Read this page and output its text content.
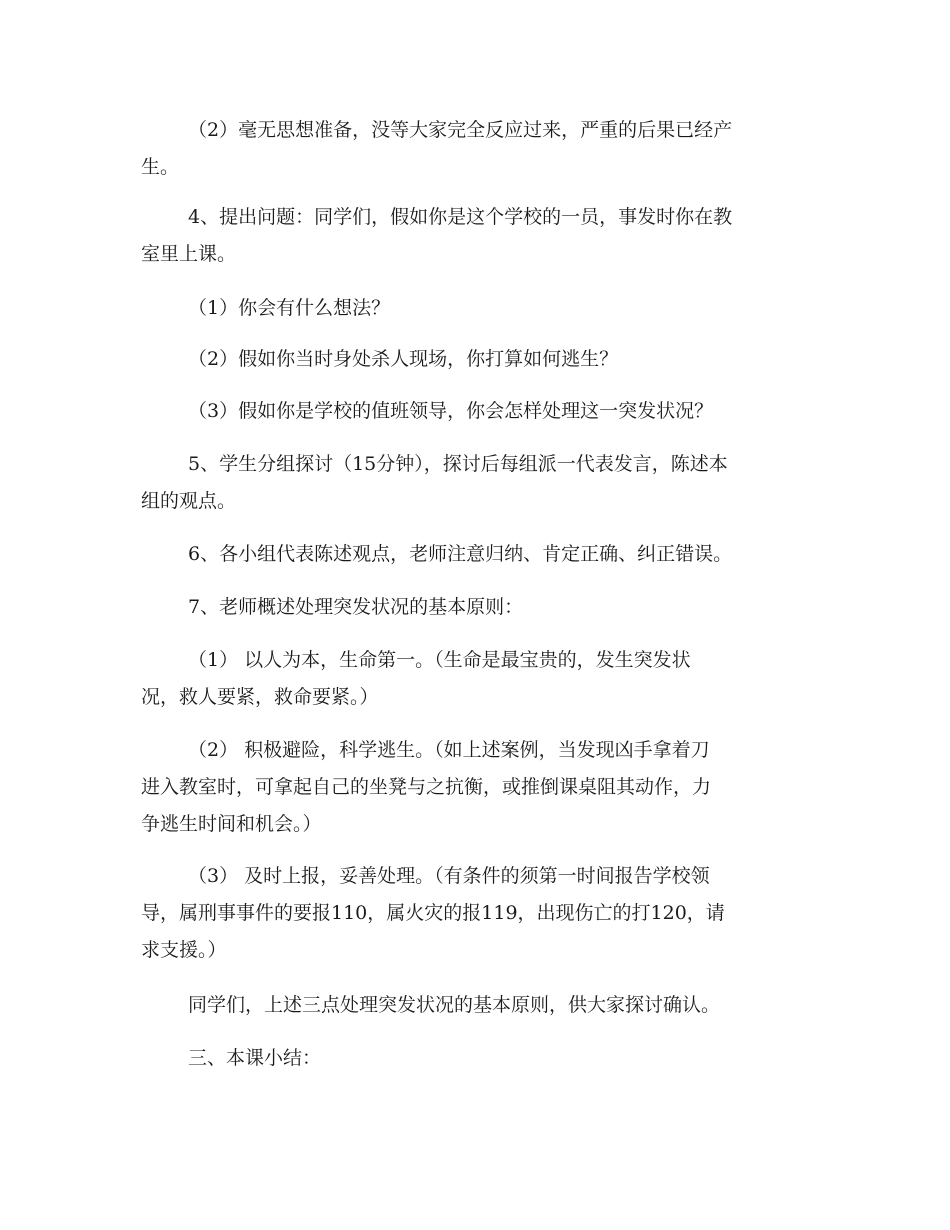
（2）毫无思想准备，没等大家完全反应过来，严重的后果已经产
生。
4、提出问题：同学们，假如你是这个学校的一员，事发时你在教
室里上课。
（1）你会有什么想法？
（2）假如你当时身处杀人现场，你打算如何逃生？
（3）假如你是学校的值班领导，你会怎样处理这一突发状况？
5、学生分组探讨（15分钟），探讨后每组派一代表发言，陈述本
组的观点。
6、各小组代表陈述观点，老师注意归纳、肯定正确、纠正错误。
7、老师概述处理突发状况的基本原则：
（1） 以人为本，生命第一。（生命是最宝贵的，发生突发状
况，救人要紧，救命要紧。）
（2） 积极避险，科学逃生。（如上述案例，当发现凶手拿着刀
进入教室时，可拿起自己的坐凳与之抗衡，或推倒课桌阻其动作，力
争逃生时间和机会。）
（3） 及时上报，妥善处理。（有条件的须第一时间报告学校领
导，属刑事事件的要报110，属火灾的报119，出现伤亡的打120，请
求支援。）
同学们，上述三点处理突发状况的基本原则，供大家探讨确认。
三、本课小结：
